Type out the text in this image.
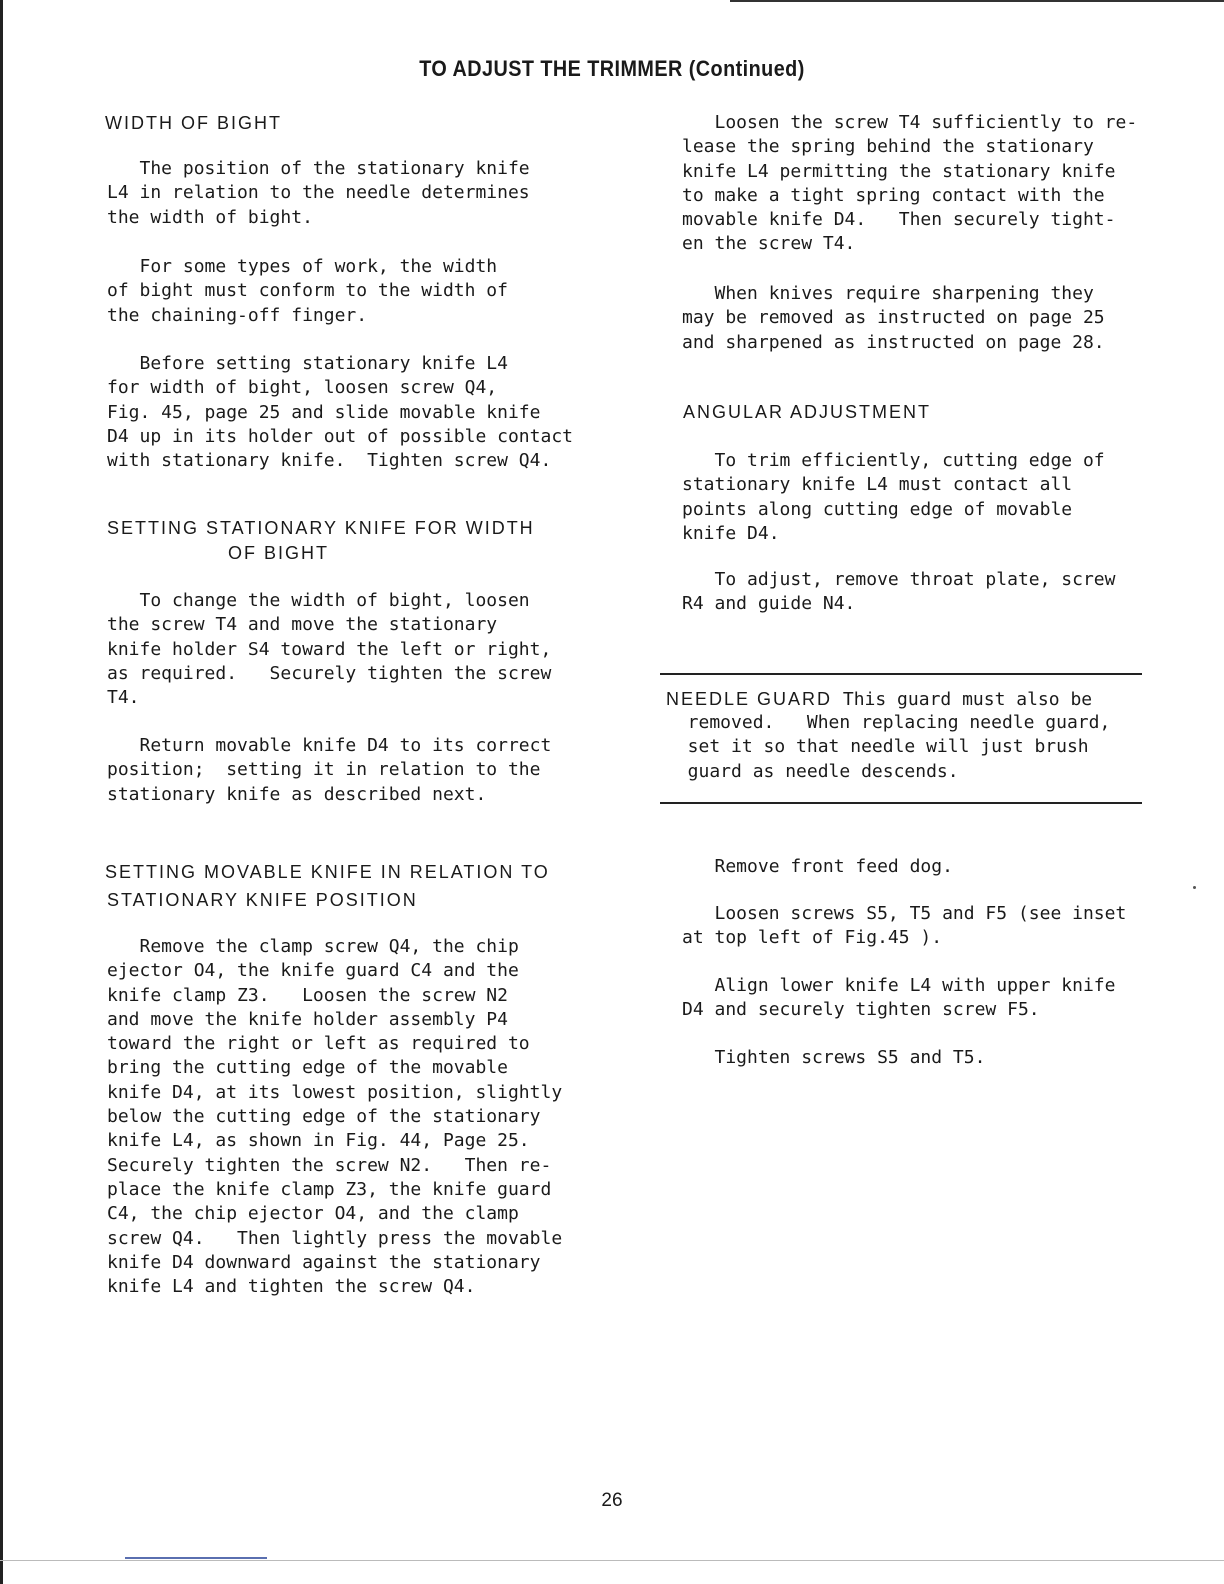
TO ADJUST THE TRIMMER (Continued)
WIDTH OF BIGHT
The position of the stationary knife
L4 in relation to the needle determines
the width of bight.
For some types of work, the width
of bight must conform to the width of
the chaining-off finger.
Before setting stationary knife L4
for width of bight, loosen screw Q4,
Fig. 45, page 25 and slide movable knife
D4 up in its holder out of possible contact
with stationary knife.  Tighten screw Q4.
SETTING STATIONARY KNIFE FOR WIDTH
OF BIGHT
To change the width of bight, loosen
the screw T4 and move the stationary
knife holder S4 toward the left or right,
as required.   Securely tighten the screw
T4.
Return movable knife D4 to its correct
position;  setting it in relation to the
stationary knife as described next.
SETTING MOVABLE KNIFE IN RELATION TO
STATIONARY KNIFE POSITION
Remove the clamp screw Q4, the chip
ejector O4, the knife guard C4 and the
knife clamp Z3.   Loosen the screw N2
and move the knife holder assembly P4
toward the right or left as required to
bring the cutting edge of the movable
knife D4, at its lowest position, slightly
below the cutting edge of the stationary
knife L4, as shown in Fig. 44, Page 25.
Securely tighten the screw N2.   Then re-
place the knife clamp Z3, the knife guard
C4, the chip ejector O4, and the clamp
screw Q4.   Then lightly press the movable
knife D4 downward against the stationary
knife L4 and tighten the screw Q4.
Loosen the screw T4 sufficiently to re-
lease the spring behind the stationary
knife L4 permitting the stationary knife
to make a tight spring contact with the
movable knife D4.   Then securely tight-
en the screw T4.
When knives require sharpening they
may be removed as instructed on page 25
and sharpened as instructed on page 28.
ANGULAR ADJUSTMENT
To trim efficiently, cutting edge of
stationary knife L4 must contact all
points along cutting edge of movable
knife D4.
To adjust, remove throat plate, screw
R4 and guide N4.
NEEDLE GUARD This guard must also be
removed.   When replacing needle guard,
set it so that needle will just brush
guard as needle descends.
Remove front feed dog.
Loosen screws S5, T5 and F5 (see inset
at top left of Fig.45 ).
Align lower knife L4 with upper knife
D4 and securely tighten screw F5.
Tighten screws S5 and T5.
26
